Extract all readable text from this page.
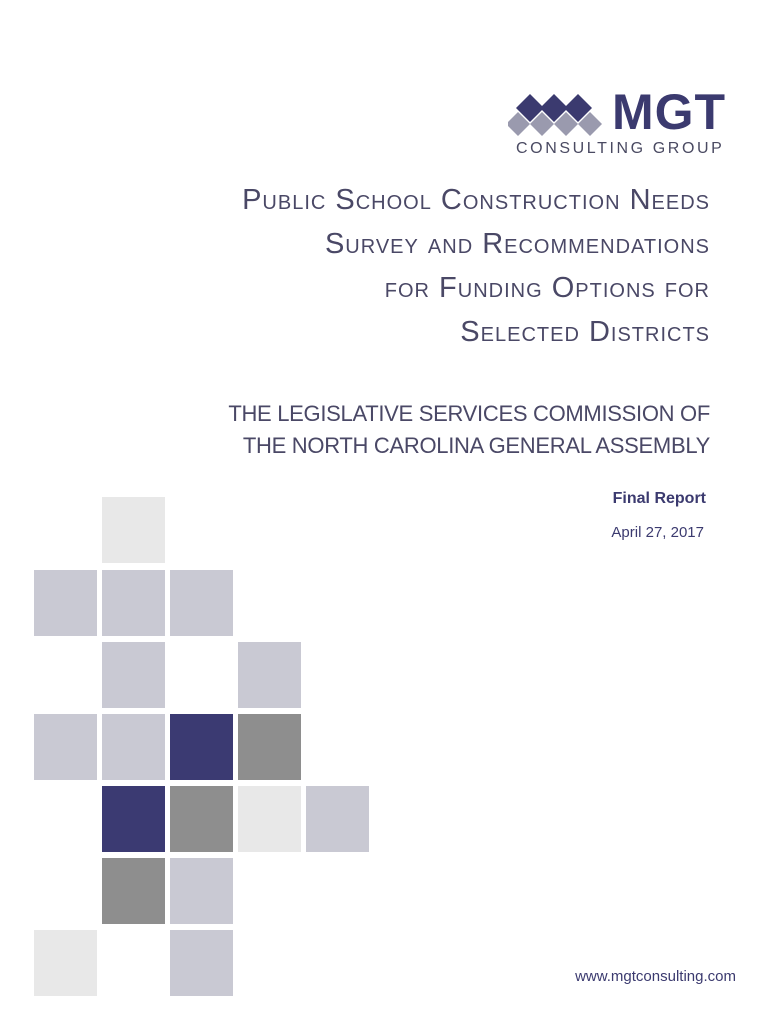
MGT
CONSULTING GROUP
Public School Construction Needs
Survey and Recommendations
for Funding Options for
Selected Districts
THE LEGISLATIVE SERVICES COMMISSION OF
THE NORTH CAROLINA GENERAL ASSEMBLY
Final Report
April 27, 2017
www.mgtconsulting.com
